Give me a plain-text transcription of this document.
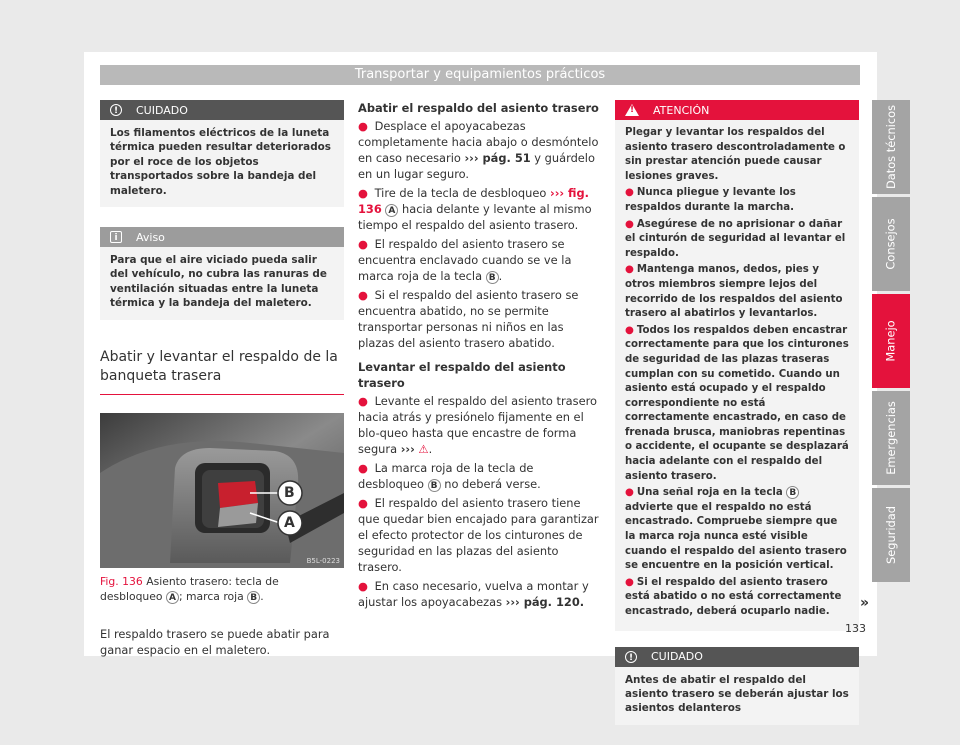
Transportar y equipamientos prácticos
!	CUIDADO
Los filamentos eléctricos de la luneta térmica pueden resultar deteriorados por el roce de los objetos transportados sobre la bandeja del maletero.
i	Aviso
Para que el aire viciado pueda salir del vehículo, no cubra las ranuras de ventilación situadas entre la luneta térmica y la bandeja del maletero.
Abatir y levantar el respaldo de la banqueta trasera
B
A
B5L-0223
Fig. 136 Asiento trasero: tecla de desbloqueo A ; marca roja B .
El respaldo trasero se puede abatir para ganar espacio en el maletero.

Abatir el respaldo del asiento trasero

● Desplace el apoyacabezas completamente hacia abajo o desmóntelo en caso necesario ››› pág. 51 y guárdelo en un lugar seguro.

● Tire de la tecla de desbloqueo ››› fig. 136 A hacia delante y levante al mismo tiempo el respaldo del asiento trasero.

● El respaldo del asiento trasero se encuentra enclavado cuando se ve la marca roja de la tecla B .

● Si el respaldo del asiento trasero se encuentra abatido, no se permite transportar personas ni niños en las plazas del asiento trasero abatido.

Levantar el respaldo del asiento trasero

● Levante el respaldo del asiento trasero hacia atrás y presiónelo fijamente en el blo-queo hasta que encastre de forma segura ››› ⚠.

● La marca roja de la tecla de desbloqueo B no deberá verse.

● El respaldo del asiento trasero tiene que quedar bien encajado para garantizar el efecto protector de los cinturones de seguridad en las plazas del asiento trasero.

● En caso necesario, vuelva a montar y ajustar los apoyacabezas ››› pág. 120.

!
ATENCIÓN

Plegar y levantar los respaldos del asiento trasero descontroladamente o sin prestar atención puede causar lesiones graves.

● Nunca pliegue y levante los respaldos durante la marcha.

● Asegúrese de no aprisionar o dañar el cinturón de seguridad al levantar el respaldo.

● Mantenga manos, dedos, pies y otros miembros siempre lejos del recorrido de los respaldos del asiento trasero al abatirlos y levantarlos.

● Todos los respaldos deben encastrar correctamente para que los cinturones de seguridad de las plazas traseras cumplan con su cometido. Cuando un asiento está ocupado y el respaldo correspondiente no está correctamente encastrado, en caso de frenada brusca, maniobras repentinas o accidente, el ocupante se desplazará hacia adelante con el respaldo del asiento trasero.

● Una señal roja en la tecla B advierte que el respaldo no está encastrado. Compruebe siempre que la marca roja nunca esté visible cuando el respaldo del asiento trasero se encuentre en la posición vertical.

● Si el respaldo del asiento trasero está abatido o no está correctamente encastrado, deberá ocuparlo nadie.

!	CUIDADO
Antes de abatir el respaldo del asiento trasero se deberán ajustar los asientos delanteros
»
Datos técnicos
Consejos
Manejo
Emergencias
Seguridad
133
